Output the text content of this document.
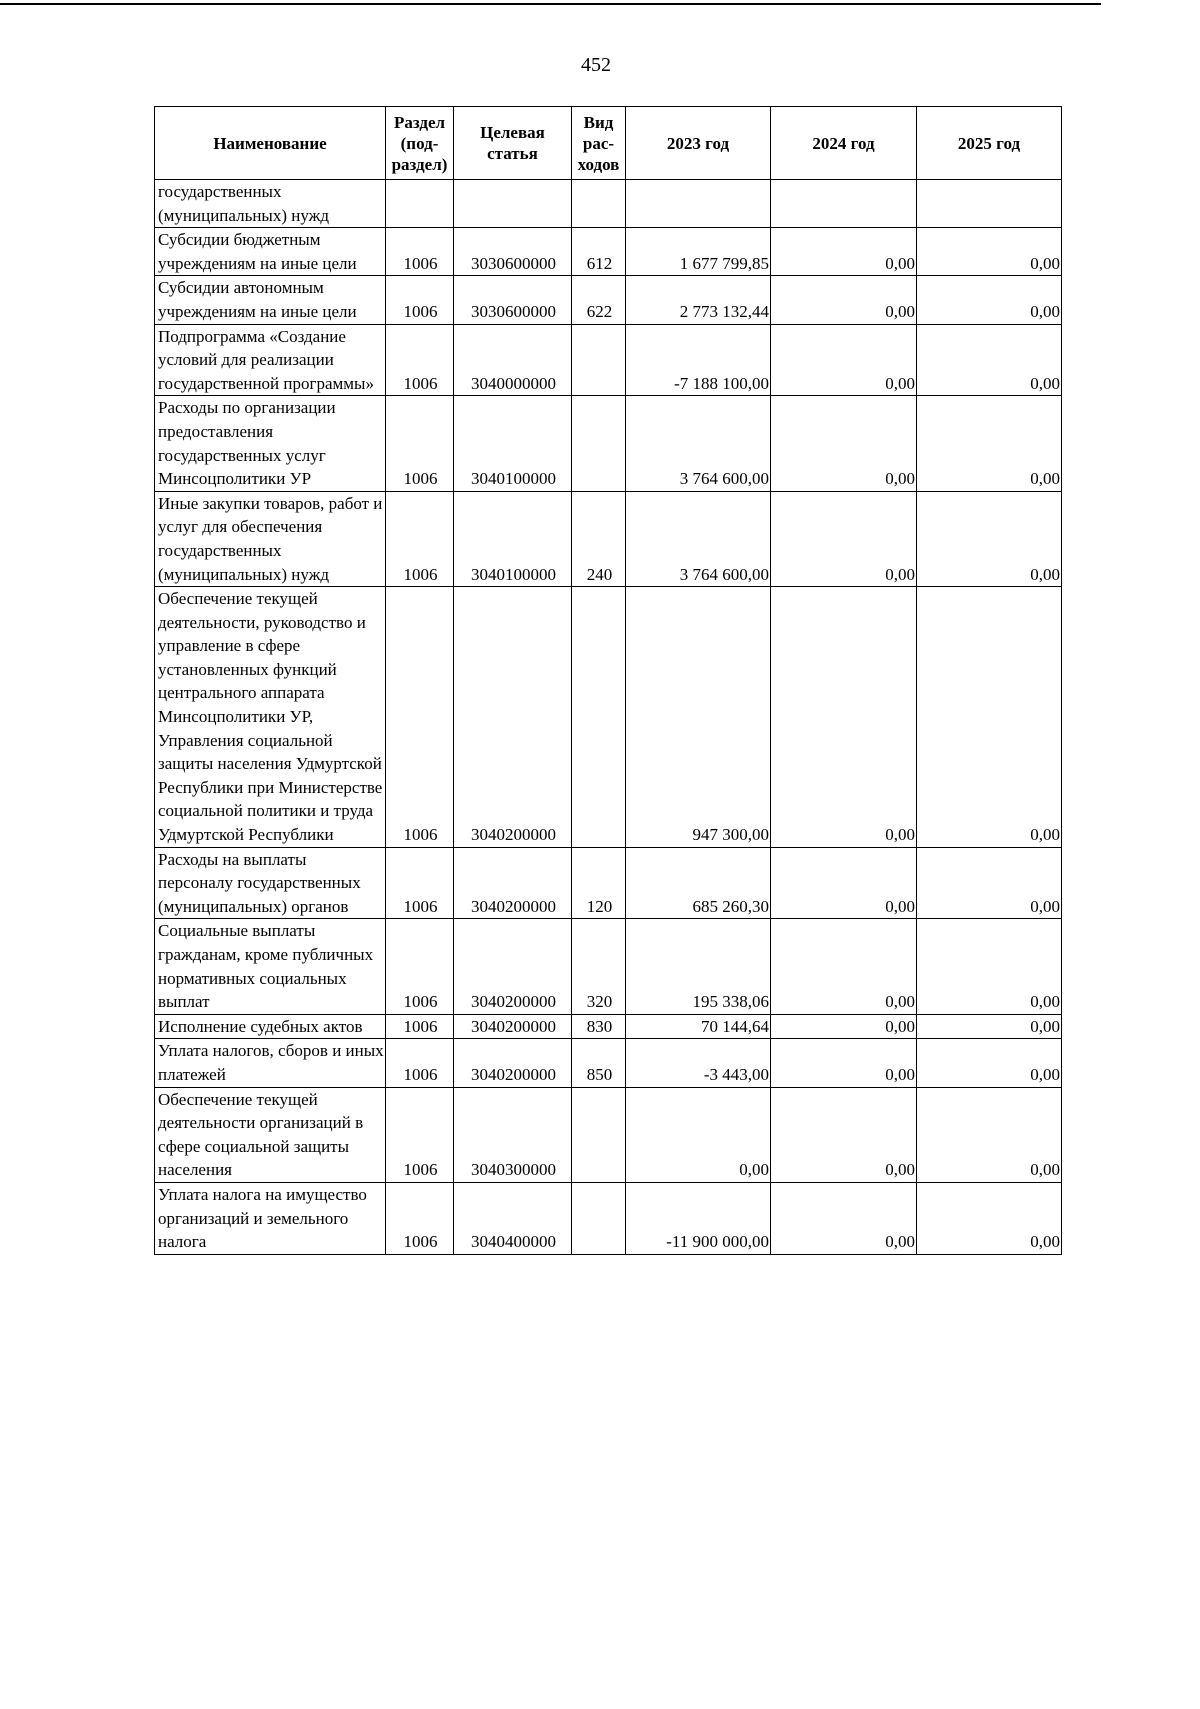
452
Наименование	Раздел (под-раздел)	Целевая статья	Вид рас-ходов	2023 год	2024 год	2025 год
государственных (муниципальных) нужд						
Субсидии бюджетным учреждениям на иные цели	1006	3030600000	612	1 677 799,85	0,00	0,00
Субсидии автономным учреждениям на иные цели	1006	3030600000	622	2 773 132,44	0,00	0,00
Подпрограмма «Создание условий для реализации государственной программы»	1006	3040000000		-7 188 100,00	0,00	0,00
Расходы по организации предоставления государственных услуг Минсоцполитики УР	1006	3040100000		3 764 600,00	0,00	0,00
Иные закупки товаров, работ и услуг для обеспечения государственных (муниципальных) нужд	1006	3040100000	240	3 764 600,00	0,00	0,00
Обеспечение текущей деятельности, руководство и управление в сфере установленных функций центрального аппарата Минсоцполитики УР, Управления социальной защиты населения Удмуртской Республики при Министерстве социальной политики и труда Удмуртской Республики	1006	3040200000		947 300,00	0,00	0,00
Расходы на выплаты персоналу государственных (муниципальных) органов	1006	3040200000	120	685 260,30	0,00	0,00
Социальные выплаты гражданам, кроме публичных нормативных социальных выплат	1006	3040200000	320	195 338,06	0,00	0,00
Исполнение судебных актов	1006	3040200000	830	70 144,64	0,00	0,00
Уплата налогов, сборов и иных платежей	1006	3040200000	850	-3 443,00	0,00	0,00
Обеспечение текущей деятельности организаций в сфере социальной защиты населения	1006	3040300000		0,00	0,00	0,00
Уплата налога на имущество организаций и земельного налога	1006	3040400000		-11 900 000,00	0,00	0,00
